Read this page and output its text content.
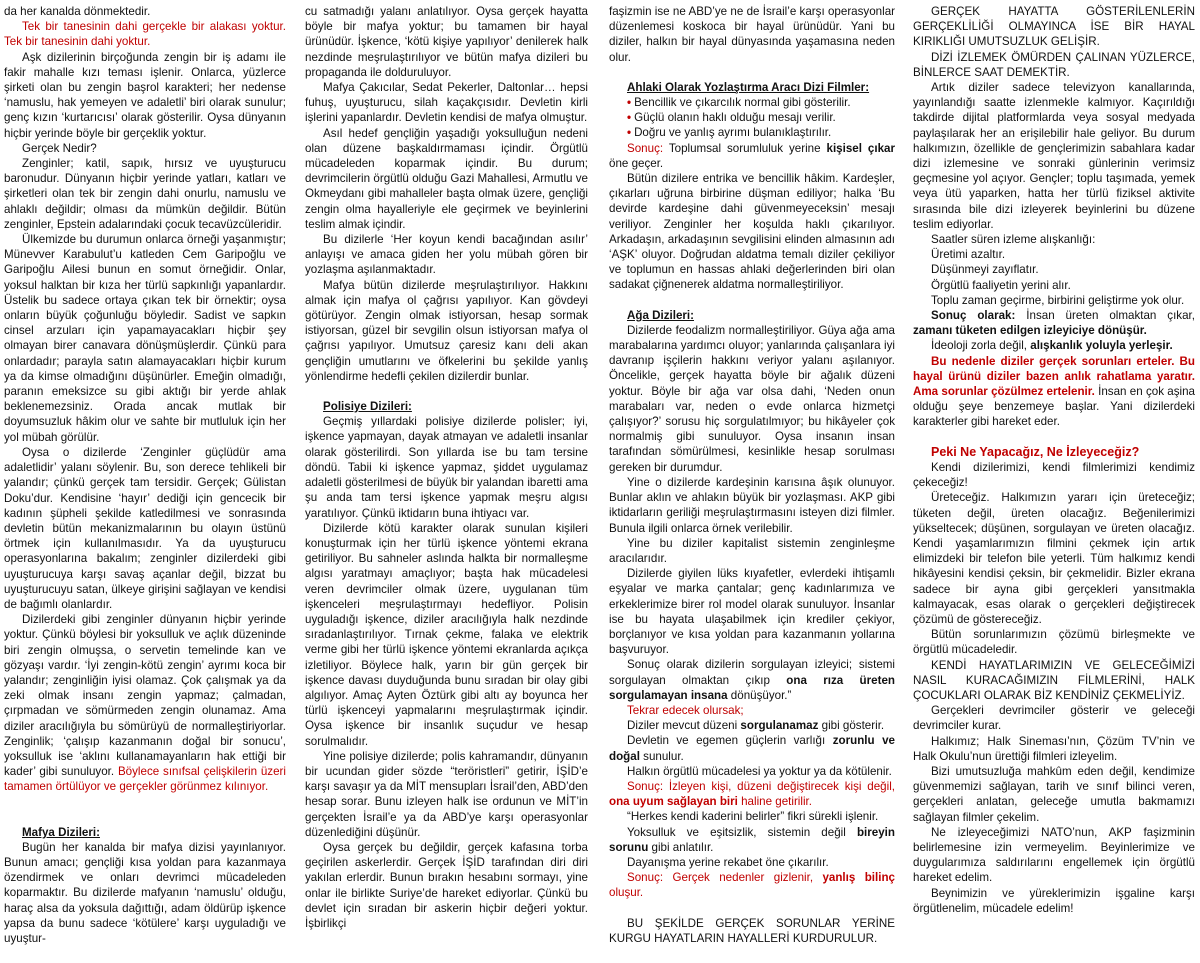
da her kanalda dönmektedir.

Tek bir tanesinin dahi gerçekle bir alakası yoktur. Tek bir tanesinin dahi yoktur.

Aşk dizilerinin birçoğunda zengin bir iş adamı ile fakir mahalle kızı teması işlenir. Onlarca, yüzlerce şirketi olan bu zengin başrol karakteri; her nedense ‘namuslu, hak yemeyen ve adaletli’ biri olarak sunulur; genç kızın ‘kurtarıcısı’ olarak gösterilir. Oysa dünyanın hiçbir yerinde böyle bir gerçeklik yoktur.

Gerçek Nedir?

Zenginler; katil, sapık, hırsız ve uyuşturucu baronudur. Dünyanın hiçbir yerinde yatları, katları ve şirketleri olan tek bir zengin dahi onurlu, namuslu ve ahlaklı değildir; olması da mümkün değildir. Bütün zenginler, Epstein adalarındaki çocuk tecavüzcüleridir.

Ülkemizde bu durumun onlarca örneği yaşanmıştır; Münevver Karabulut’u katleden Cem Garipoğlu ve Garipoğlu Ailesi bunun en somut örneğidir. Onlar, yoksul halktan bir kıza her türlü sapkınlığı yapanlardır. Üstelik bu sadece ortaya çıkan tek bir örnektir; oysa onların büyük çoğunluğu böyledir. Sadist ve sapkın cinsel arzuları için yapamayacakları hiçbir şey olmayan birer canavara dönüşmüşlerdir. Çünkü para onlardadır; parayla satın alamayacakları hiçbir kurum ya da kimse olmadığını düşünürler. Emeğin olmadığı, paranın emeksizce su gibi aktığı bir yerde ahlak beklenemezsiniz. Orada ancak mutlak bir doyumsuzluk hâkim olur ve sahte bir mutluluk için her yol mübah görülür.

Oysa o dizilerde ‘Zenginler güçlüdür ama adaletlidir’ yalanı söylenir. Bu, son derece tehlikeli bir yalandır; çünkü gerçek tam tersidir. Gerçek; Gülistan Doku’dur. Kendisine ‘hayır’ dediği için gencecik bir kadının şüpheli şekilde katledilmesi ve sonrasında devletin bütün mekanizmalarının bu olayın üstünü örtmek için kullanılmasıdır. Ya da uyuşturucu operasyonlarına bakalım; zenginler dizilerdeki gibi uyuşturucuya karşı savaş açanlar değil, bizzat bu uyuşturucuyu satan, ülkeye girişini sağlayan ve kendisi de bağımlı olanlardır.

Dizilerdeki gibi zenginler dünyanın hiçbir yerinde yoktur. Çünkü böylesi bir yoksulluk ve açlık düzeninde biri zengin olmuşsa, o servetin temelinde kan ve gözyaşı vardır. ‘İyi zengin-kötü zengin’ ayrımı koca bir yalandır; zenginliğin iyisi olamaz. Çok çalışmak ya da zeki olmak insanı zengin yapmaz; çalmadan, çırpmadan ve sömürmeden zengin olunamaz. Ama diziler aracılığıyla bu sömürüyü de normalleştiriyorlar. Zenginlik; ‘çalışıp kazanmanın doğal bir sonucu’, yoksulluk ise ‘aklını kullanamayanların hak ettiği bir kader’ gibi sunuluyor. Böylece sınıfsal çelişkilerin üzeri tamamen örtülüyor ve gerçekler görünmez kılınıyor.

Mafya Dizileri:

Bugün her kanalda bir mafya dizisi yayınlanıyor. Bunun amacı; gençliği kısa yoldan para kazanmaya özendirmek ve onları devrimci mücadeleden koparmaktır. Bu dizilerde mafyanın ‘namuslu’ olduğu, haraç alsa da yoksula dağıttığı, adam öldürüp işkence yapsa da bunu sadece ‘kötülere’ karşı uyguladığı ve uyuştur-

cu satmadığı yalanı anlatılıyor. Oysa gerçek hayatta böyle bir mafya yoktur; bu tamamen bir hayal ürünüdür. İşkence, ‘kötü kişiye yapılıyor’ denilerek halk nezdinde meşrulaştırılıyor ve bütün mafya dizileri bu propaganda ile dolduruluyor.

Mafya Çakıcılar, Sedat Pekerler, Daltonlar… hepsi fuhuş, uyuşturucu, silah kaçakçısıdır. Devletin kirli işlerini yapanlardır. Devletin kendisi de mafya olmuştur.

Asıl hedef gençliğin yaşadığı yoksulluğun nedeni olan düzene başkaldırmaması içindir. Örgütlü mücadeleden koparmak içindir. Bu durum; devrimcilerin örgütlü olduğu Gazi Mahallesi, Armutlu ve Okmeydanı gibi mahalleler başta olmak üzere, gençliği zengin olma hayalleriyle ele geçirmek ve beyinlerini teslim almak içindir.

Bu dizilerle ‘Her koyun kendi bacağından asılır’ anlayışı ve amaca giden her yolu mübah gören bir yozlaşma aşılanmaktadır.

Mafya bütün dizilerde meşrulaştırılıyor. Hakkını almak için mafya ol çağrısı yapılıyor. Kan gövdeyi götürüyor. Zengin olmak istiyorsan, hesap sormak istiyorsan, güzel bir sevgilin olsun istiyorsan mafya ol çağrısı yapılıyor. Umutsuz çaresiz kanı deli akan gençliğin umutlarını ve öfkelerini bu şekilde yanlış yönlendirme hedefli çekilen dizilerdir bunlar.

Polisiye Dizileri:

Geçmiş yıllardaki polisiye dizilerde polisler; iyi, işkence yapmayan, dayak atmayan ve adaletli insanlar olarak gösterilirdi. Son yıllarda ise bu tam tersine döndü. Tabii ki işkence yapmaz, şiddet uygulamaz adaletli gösterilmesi de büyük bir yalandan ibaretti ama şu anda tam tersi işkence yapmak meşru algısı yaratılıyor. Çünkü iktidarın buna ihtiyacı var.

Dizilerde kötü karakter olarak sunulan kişileri konuşturmak için her türlü işkence yöntemi ekrana getiriliyor. Bu sahneler aslında halkta bir normalleşme algısı yaratmayı amaçlıyor; başta hak mücadelesi veren devrimciler olmak üzere, uygulanan tüm işkenceleri meşrulaştırmayı hedefliyor. Polisin uyguladığı işkence, diziler aracılığıyla halk nezdinde sıradanlaştırılıyor. Tırnak çekme, falaka ve elektrik verme gibi her türlü işkence yöntemi ekranlarda açıkça izletiliyor. Böylece halk, yarın bir gün gerçek bir işkence davası duyduğunda bunu sıradan bir olay gibi algılıyor. Amaç Ayten Öztürk gibi altı ay boyunca her türlü işkenceyi yapmalarını meşrulaştırmak içindir. Oysa işkence bir insanlık suçudur ve hesap sorulmalıdır.

Yine polisiye dizilerde; polis kahramandır, dünyanın bir ucundan gider sözde “teröristleri” getirir, İŞİD’e karşı savaşır ya da MİT mensupları İsrail’den, ABD’den hesap sorar. Bunu izleyen halk ise ordunun ve MİT’in gerçekten İsrail’e ya da ABD’ye karşı operasyonlar düzenlediğini düşünür.

Oysa gerçek bu değildir, gerçek kafasına torba geçirilen askerlerdir. Gerçek İŞİD tarafından diri diri yakılan erlerdir. Bunun bırakın hesabını sormayı, yine onlar ile birlikte Suriye’de hareket ediyorlar. Çünkü bu devlet için sıradan bir askerin hiçbir değeri yoktur. İşbirlikçi

faşizmin ise ne ABD’ye ne de İsrail’e karşı operasyonlar düzenlemesi koskoca bir hayal ürünüdür. Yani bu diziler, halkın bir hayal dünyasında yaşamasına neden olur.

Ahlaki Olarak Yozlaştırma Aracı Dizi Filmler:

• Bencillik ve çıkarcılık normal gibi gösterilir.

• Güçlü olanın haklı olduğu mesajı verilir.

• Doğru ve yanlış ayrımı bulanıklaştırılır.

Sonuç: Toplumsal sorumluluk yerine kişisel çıkar öne geçer.

Bütün dizilere entrika ve bencillik hâkim. Kardeşler, çıkarları uğruna birbirine düşman ediliyor; halka ‘Bu devirde kardeşine dahi güvenmeyeceksin’ mesajı veriliyor. Zenginler her koşulda haklı çıkarılıyor. Arkadaşın, arkadaşının sevgilisini elinden almasının adı ‘AŞK’ oluyor. Doğrudan aldatma temalı diziler çekiliyor ve toplumun en hassas ahlaki değerlerinden biri olan sadakat çiğnenerek aldatma normalleştiriliyor.

Ağa Dizileri:

Dizilerde feodalizm normalleştiriliyor. Güya ağa ama marabalarına yardımcı oluyor; yanlarında çalışanlara iyi davranıp işçilerin hakkını veriyor yalanı aşılanıyor. Öncelikle, gerçek hayatta böyle bir ağalık düzeni yoktur. Böyle bir ağa var olsa dahi, ‘Neden onun marabaları var, neden o evde onlarca hizmetçi çalışıyor?’ sorusu hiç sorgulatılmıyor; bu hikâyeler çok normalmiş gibi sunuluyor. Oysa insanın insan tarafından sömürülmesi, kesinlikle hesap sorulması gereken bir durumdur.

Yine o dizilerde kardeşinin karısına âşık olunuyor. Bunlar aklın ve ahlakın büyük bir yozlaşması. AKP gibi iktidarların geriliği meşrulaştırmasını isteyen dizi filmler. Bunula ilgili onlarca örnek verilebilir.

Yine bu diziler kapitalist sistemin zenginleşme aracılarıdır.

Dizilerde giyilen lüks kıyafetler, evlerdeki ihtişamlı eşyalar ve marka çantalar; genç kadınlarımıza ve erkeklerimize birer rol model olarak sunuluyor. İnsanlar ise bu hayata ulaşabilmek için krediler çekiyor, borçlanıyor ve kısa yoldan para kazanmanın yollarına başvuruyor.

Sonuç olarak dizilerin sorgulayan izleyici; sistemi sorgulayan olmaktan çıkıp ona rıza üreten sorgulamayan insana dönüşüyor.”

Tekrar edecek olursak;

Diziler mevcut düzeni sorgulanamaz gibi gösterir.

Devletin ve egemen güçlerin varlığı zorunlu ve doğal sunulur.

Halkın örgütlü mücadelesi ya yoktur ya da kötülenir.

Sonuç: İzleyen kişi, düzeni değiştirecek kişi değil, ona uyum sağlayan biri haline getirilir.

“Herkes kendi kaderini belirler” fikri sürekli işlenir.

Yoksulluk ve eşitsizlik, sistemin değil bireyin sorunu gibi anlatılır.

Dayanışma yerine rekabet öne çıkarılır.

Sonuç: Gerçek nedenler gizlenir, yanlış bilinç oluşur.

BU ŞEKİLDE GERÇEK SORUNLAR YERİNE KURGU HAYATLARIN HAYALLERİ KURDURULUR.

GERÇEK HAYATTA GÖSTERİLENLERİN GERÇEKLİLİĞİ OLMAYINCA İSE BİR HAYAL KIRIKLIĞI UMUTSUZLUK GELİŞİR.

DİZİ İZLEMEK ÖMÜRDEN ÇALINAN YÜZLERCE, BİNLERCE SAAT DEMEKTİR.

Artık diziler sadece televizyon kanallarında, yayınlandığı saatte izlenmekle kalmıyor. Kaçırıldığı takdirde dijital platformlarda veya sosyal medyada paylaşılarak her an erişilebilir hale geliyor. Bu durum halkımızın, özellikle de gençlerimizin sabahlara kadar dizi izlemesine ve sonraki günlerinin verimsiz geçmesine yol açıyor. Gençler; toplu taşımada, yemek veya ütü yaparken, hatta her türlü fiziksel aktivite sırasında bile dizi izleyerek beyinlerini bu düzene teslim ediyorlar.

Saatler süren izleme alışkanlığı:

Üretimi azaltır.

Düşünmeyi zayıflatır.

Örgütlü faaliyetin yerini alır.

Toplu zaman geçirme, birbirini geliştirme yok olur.

Sonuç olarak: İnsan üreten olmaktan çıkar, zamanı tüketen edilgen izleyiciye dönüşür.

İdeoloji zorla değil, alışkanlık yoluyla yerleşir.

Bu nedenle diziler gerçek sorunları erteler. Bu hayal ürünü diziler bazen anlık rahatlama yaratır. Ama sorunlar çözülmez ertelenir. İnsan en çok aşina olduğu şeye benzemeye başlar. Yani dizilerdeki karakterler gibi hareket eder.

Peki Ne Yapacağız, Ne İzleyeceğiz?

Kendi dizilerimizi, kendi filmlerimizi kendimiz çekeceğiz!

Üreteceğiz. Halkımızın yararı için üreteceğiz; tüketen değil, üreten olacağız. Beğenilerimizi yükseltecek; düşünen, sorgulayan ve üreten olacağız. Kendi yaşamlarımızın filmini çekmek için artık elimizdeki bir telefon bile yeterli. Tüm halkımız kendi hikâyesini kendisi çeksin, bir çekmelidir. Bizler ekrana sadece bir ayna gibi gerçekleri yansıtmakla kalmayacak, esas olarak o gerçekleri değiştirecek çözümü de göstereceğiz.

Bütün sorunlarımızın çözümü birleşmekte ve örgütlü mücadeledir.

KENDİ HAYATLARIMIZIN VE GELECEĞİMİZİ NASIL KURACAĞIMIZIN FİLMLERİNİ, HALK ÇOCUKLARI OLARAK BİZ KENDİNİZ ÇEKMELİYİZ.

Gerçekleri devrimciler gösterir ve geleceği devrimciler kurar.

Halkımız; Halk Sineması’nın, Çözüm TV’nin ve Halk Okulu’nun ürettiği filmleri izleyelim.

Bizi umutsuzluğa mahkûm eden değil, kendimize güvenmemizi sağlayan, tarih ve sınıf bilinci veren, gerçekleri anlatan, geleceğe umutla bakmamızı sağlayan filmler çekelim.

Ne izleyeceğimizi NATO’nun, AKP faşizminin belirlemesine izin vermeyelim. Beyinlerimize ve duygularımıza saldırılarını engellemek için örgütlü hareket edelim.

Beynimizin ve yüreklerimizin işgaline karşı örgütlenelim, mücadele edelim!
